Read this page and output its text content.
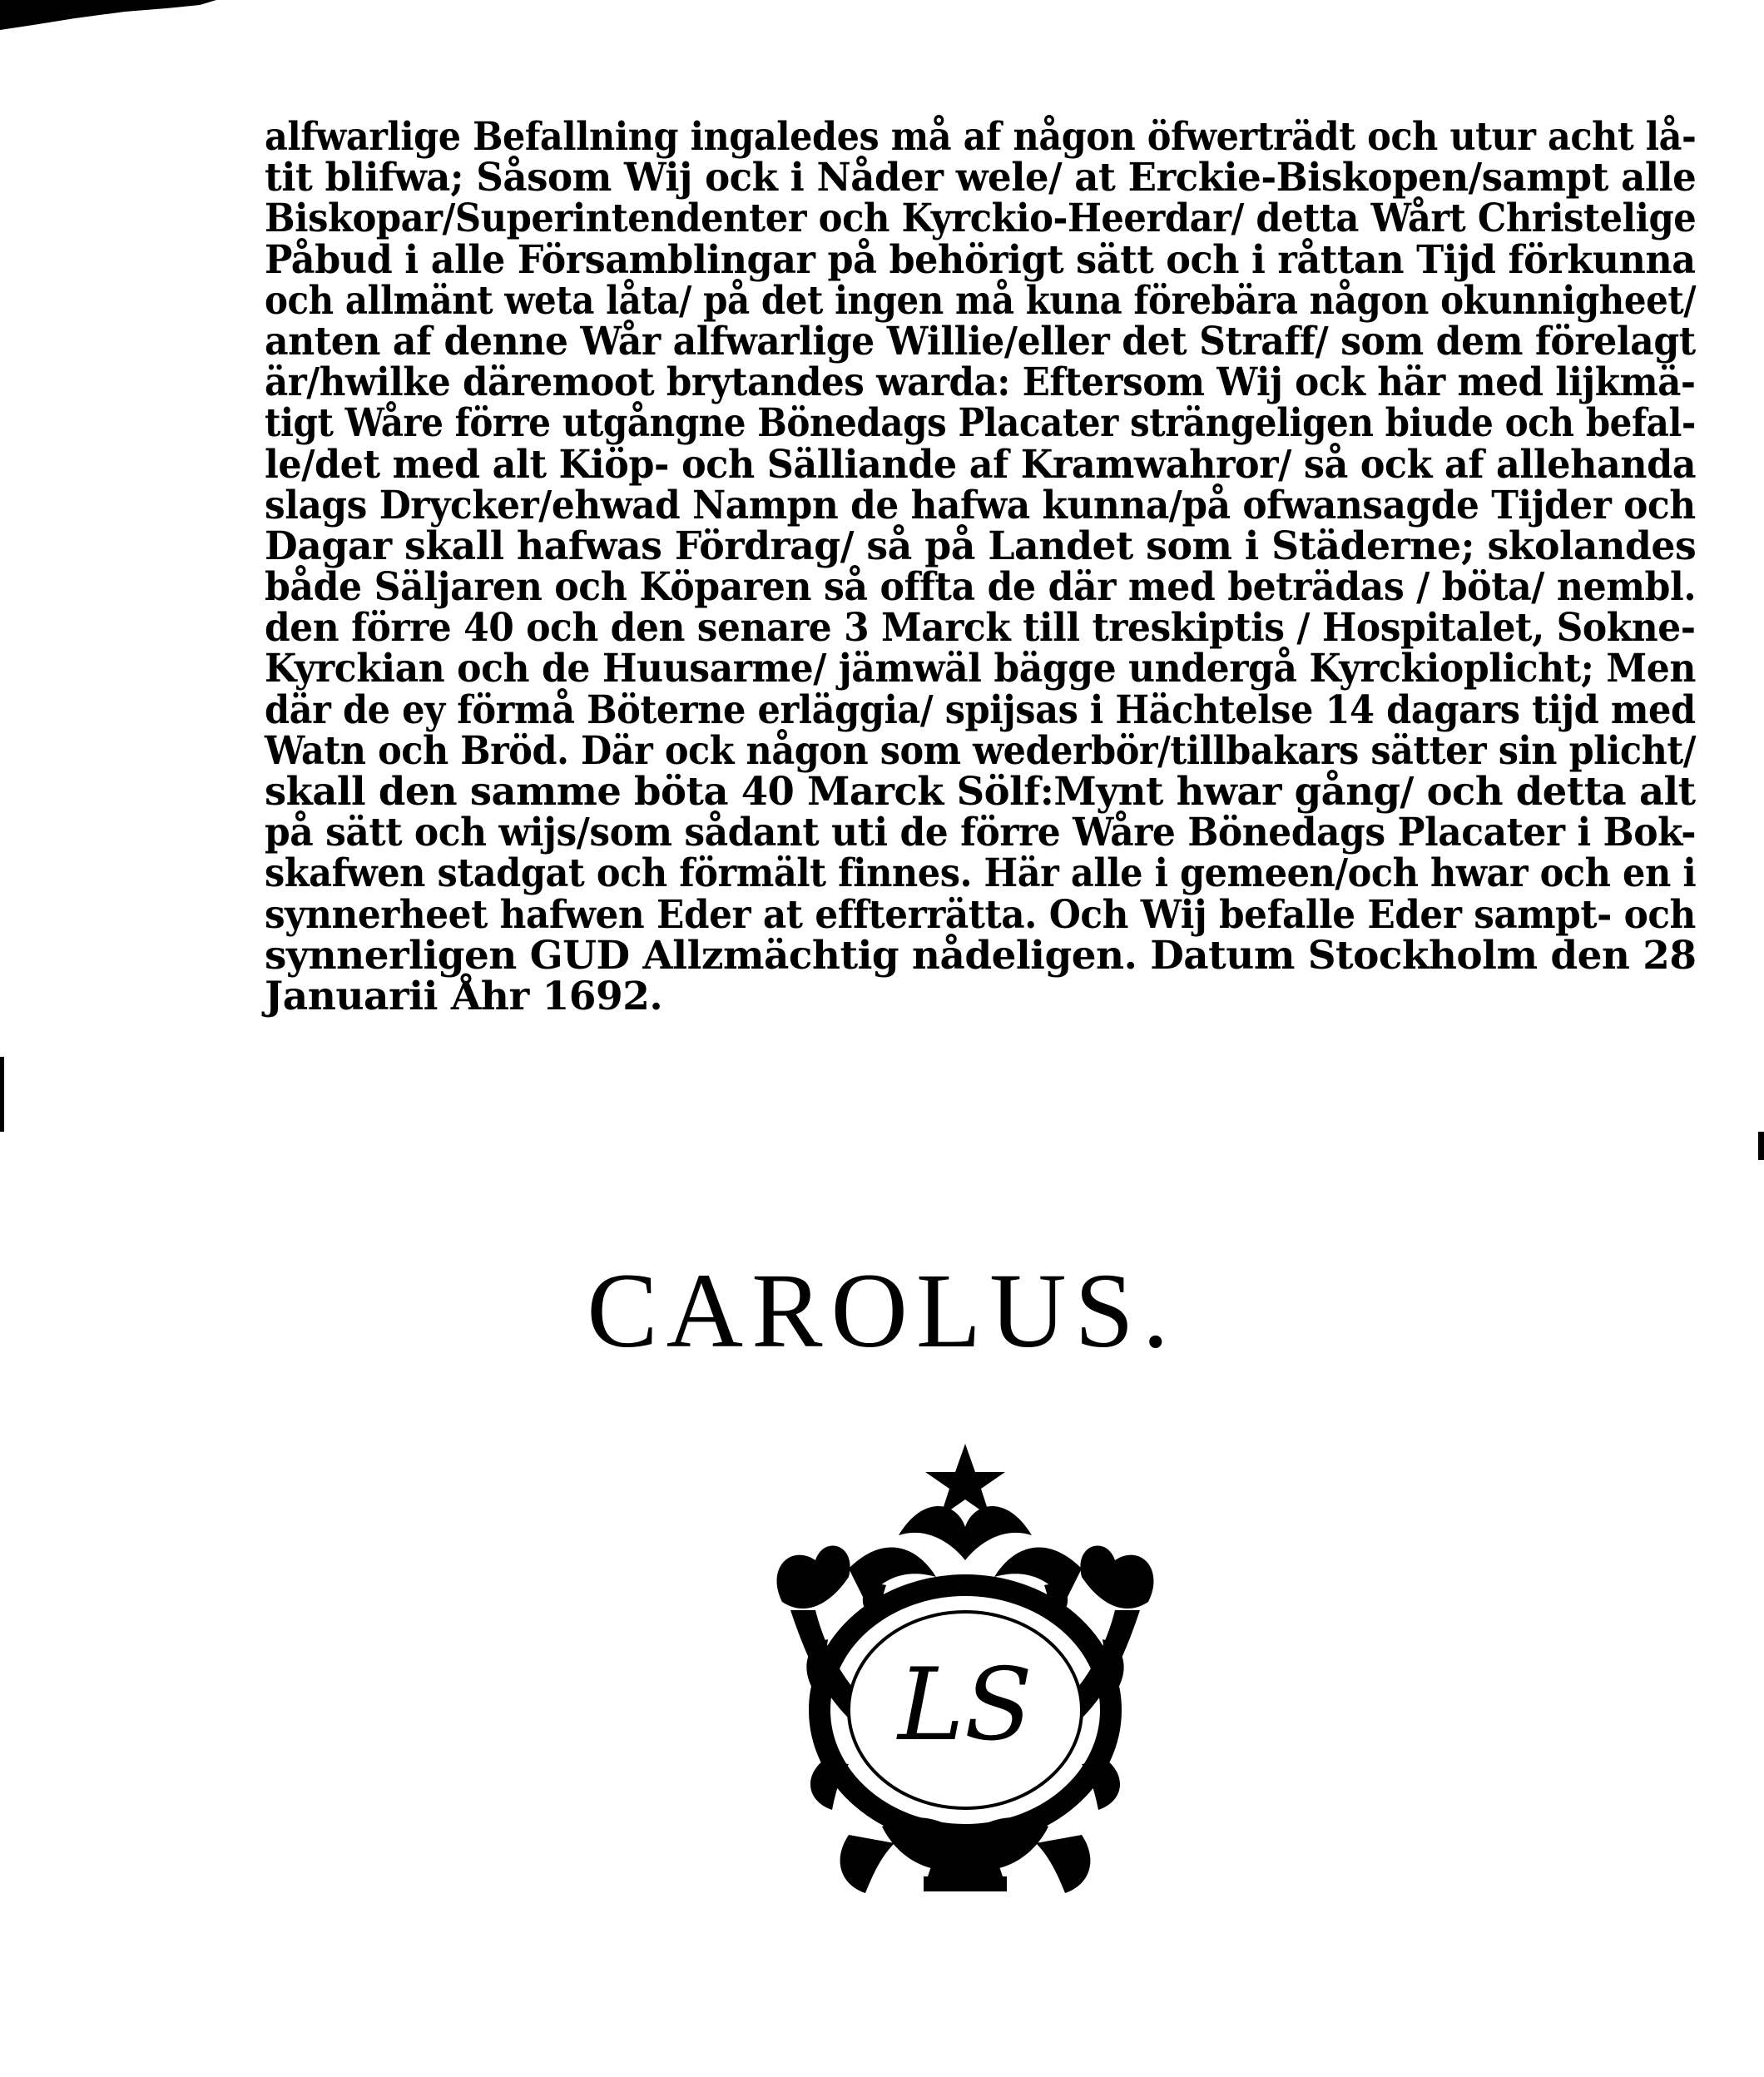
alfwarlige Befallning ingaledes må af någon öfwerträdt och utur acht lå-
tit blifwa; Såsom Wij ock i Nåder wele/ at Erckie-Biskopen/sampt alle
Biskopar/Superintendenter och Kyrckio-Heerdar/ detta Wårt Christelige
Påbud i alle Församblingar på behörigt sätt och i råttan Tijd förkunna
och allmänt weta låta/ på det ingen må kuna förebära någon okunnigheet/
anten af denne Wår alfwarlige Willie/eller det Straff/ som dem förelagt
är/hwilke däremoot brytandes warda: Eftersom Wij ock här med lijkmä-
tigt Wåre förre utgångne Bönedags Placater strängeligen biude och befal-
le/det med alt Kiöp- och Sälliande af Kramwahror/ så ock af allehanda
slags Drycker/ehwad Nampn de hafwa kunna/på ofwansagde Tijder och
Dagar skall hafwas Fördrag/ så på Landet som i Städerne; skolandes
både Säljaren och Köparen så offta de där med beträdas / böta/ nembl.
den förre 40 och den senare 3 Marck till treskiptis / Hospitalet, Sokne-
Kyrckian och de Huusarme/ jämwäl bägge undergå Kyrckioplicht; Men
där de ey förmå Böterne erläggia/ spijsas i Hächtelse 14 dagars tijd med
Watn och Bröd. Där ock någon som wederbör/tillbakars sätter sin plicht/
skall den samme böta 40 Marck Sölf:Mynt hwar gång/ och detta alt
på sätt och wijs/som sådant uti de förre Wåre Bönedags Placater i Bok-
skafwen stadgat och förmält finnes. Här alle i gemeen/och hwar och en i
synnerheet hafwen Eder at effterrätta. Och Wij befalle Eder sampt- och
synnerligen GUD Allzmächtig nådeligen. Datum Stockholm den 28
Januarii Åhr 1692.
CAROLUS.
LS
